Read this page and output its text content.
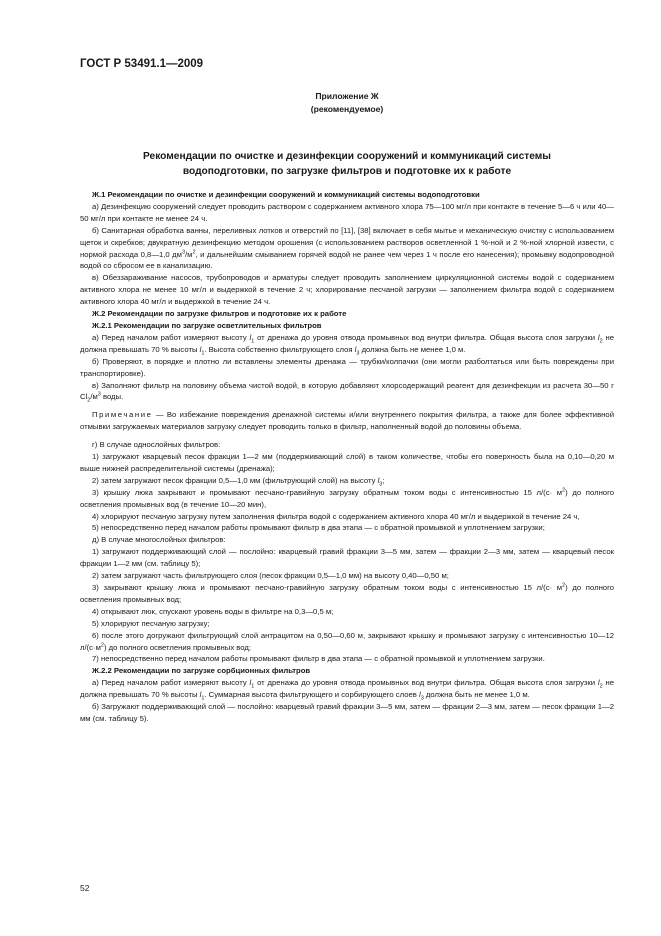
ГОСТ Р 53491.1—2009
Приложение Ж
(рекомендуемое)
Рекомендации по очистке и дезинфекции сооружений и коммуникаций системы
водоподготовки, по загрузке фильтров и подготовке их к работе
Ж.1 Рекомендации по очистке и дезинфекции сооружений и коммуникаций системы водоподготовки

а) Дезинфекцию сооружений следует проводить раствором с содержанием активного хлора 75—100 мг/л при контакте в течение 5—6 ч или 40—50 мг/л при контакте не менее 24 ч.

б) Санитарная обработка ванны, переливных лотков и отверстий по [11], [38] включает в себя мытье и механическую очистку с использованием щеток и скребков; двукратную дезинфекцию методом орошения (с использованием растворов осветленной 1 %-ной и 2 %-ной хлорной извести, с нормой расхода 0,8—1,0 $дм^3/м^2$, и дальнейшим смыванием горячей водой не ранее чем через 1 ч после его нанесения); промывку водопроводной водой со сбросом ее в канализацию.

в) Обеззараживание насосов, трубопроводов и арматуры следует проводить заполнением циркуляционной системы водой с содержанием активного хлора не менее 10 мг/л и выдержкой в течение 2 ч; хлорирование песчаной загрузки — заполнением фильтра водой с содержанием активного хлора 40 мг/л и выдержкой в течение 24 ч.

Ж.2 Рекомендации по загрузке фильтров и подготовке их к работе
Ж.2.1 Рекомендации по загрузке осветлительных фильтров

а) Перед началом работ измеряют высоту $l_1$ от дренажа до уровня отвода промывных вод внутри фильтра. Общая высота слоя загрузки $l_2$ не должна превышать 70 % высоты $l_1$. Высота собственно фильтрующего слоя $l_3$ должна быть не менее 1,0 м.

б) Проверяют, в порядке и плотно ли вставлены элементы дренажа — трубки/колпачки (они могли разболтаться или быть повреждены при транспортировке).

в) Заполняют фильтр на половину объема чистой водой, в которую добавляют хлорсодержащий реагент для дезинфекции из расчета 30—50 г $Cl_2/м^3$ воды.

Примечание — Во избежание повреждения дренажной системы и/или внутреннего покрытия фильтра, а также для более эффективной отмывки загружаемых материалов загрузку следует проводить только в фильтр, наполненный водой до половины объема.

г) В случае однослойных фильтров:

1) загружают кварцевый песок фракции 1—2 мм (поддерживающий слой) в таком количестве, чтобы его поверхность была на 0,10—0,20 м выше нижней распределительной системы (дренажа);

2) затем загружают песок фракции 0,5—1,0 мм (фильтрующий слой) на высоту $l_3$;

3) крышку люка закрывают и промывают песчано-гравийную загрузку обратным током воды с интенсивностью 15 $л/(с\cdot м^2)$ до полного осветления промывных вод (в течение 10—20 мин),

4) хлорируют песчаную загрузку путем заполнения фильтра водой с содержанием активного хлора 40 мг/л и выдержкой в течение 24 ч,

5) непосредственно перед началом работы промывают фильтр в два этапа — с обратной промывкой и уплотнением загрузки;

д) В случае многослойных фильтров:

1) загружают поддерживающий слой — послойно: кварцевый гравий фракции 3—5 мм, затем — фракции 2—3 мм, затем — кварцевый песок фракции 1—2 мм (см. таблицу 5);

2) затем загружают часть фильтрующего слоя (песок фракции 0,5—1,0 мм) на высоту 0,40—0,50 м;

3) закрывают крышку люка и промывают песчано-гравийную загрузку обратным током воды с интенсивностью 15 $л/(с\cdot м^2)$ до полного осветления промывных вод;

4) открывают люк, спускают уровень воды в фильтре на 0,3—0,5 м;

5) хлорируют песчаную загрузку;

6) после этого догружают фильтрующий слой антрацитом на 0,50—0,60 м, закрывают крышку и промывают загрузку с интенсивностью 10—12 $л/(с\cdot м^2)$ до полного осветления промывных вод;

7) непосредственно перед началом работы промывают фильтр в два этапа — с обратной промывкой и уплотнением загрузки.

Ж.2.2 Рекомендации по загрузке сорбционных фильтров

а) Перед началом работ измеряют высоту $l_1$ от дренажа до уровня отвода промывных вод внутри фильтра. Общая высота слоя загрузки $l_2$ не должна превышать 70 % высоты $l_1$. Суммарная высота фильтрующего и сорбирующего слоев $l_3$ должна быть не менее 1,0 м.

б) Загружают поддерживающий слой — послойно: кварцевый гравий фракции 3—5 мм, затем — фракции 2—3 мм, затем — песок фракции 1—2 мм (см. таблицу 5).

52
